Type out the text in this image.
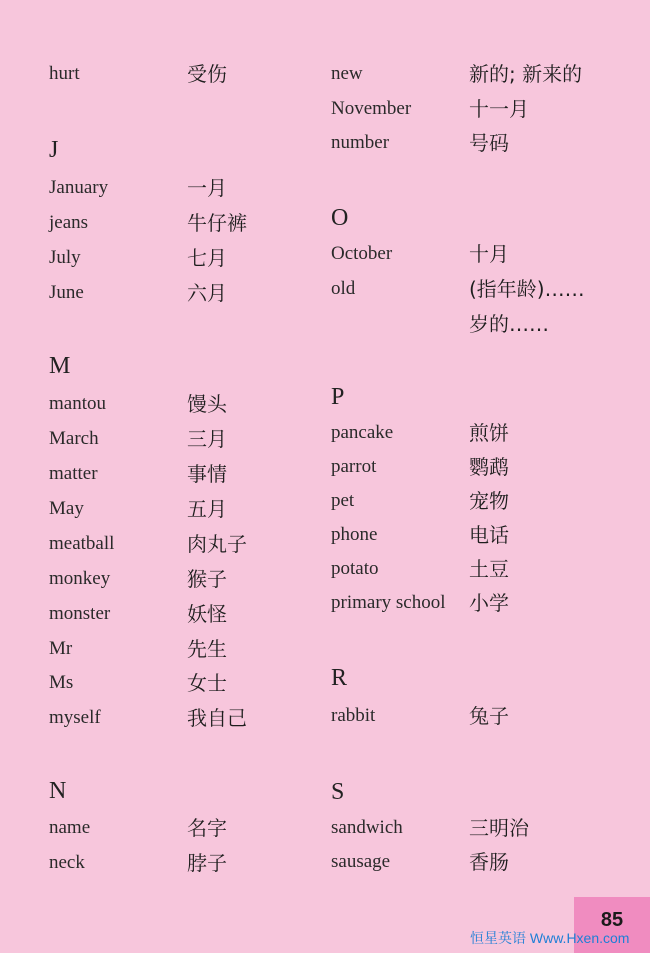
hurt	受伤
J
January	一月
jeans	牛仔裤
July	七月
June	六月
M
mantou	馒头
March	三月
matter	事情
May	五月
meatball	肉丸子
monkey	猴子
monster	妖怪
Mr	先生
Ms	女士
myself	我自己
N
name	名字
neck	脖子
new	新的; 新来的
November	十一月
number	号码
O
October	十月
old	(指年龄)……
岁的……
P
pancake	煎饼
parrot	鹦鹉
pet	宠物
phone	电话
potato	土豆
primary school 小学
R
rabbit	兔子
S
sandwich	三明治
sausage	香肠
85
恒星英语 Www.Hxen.com
